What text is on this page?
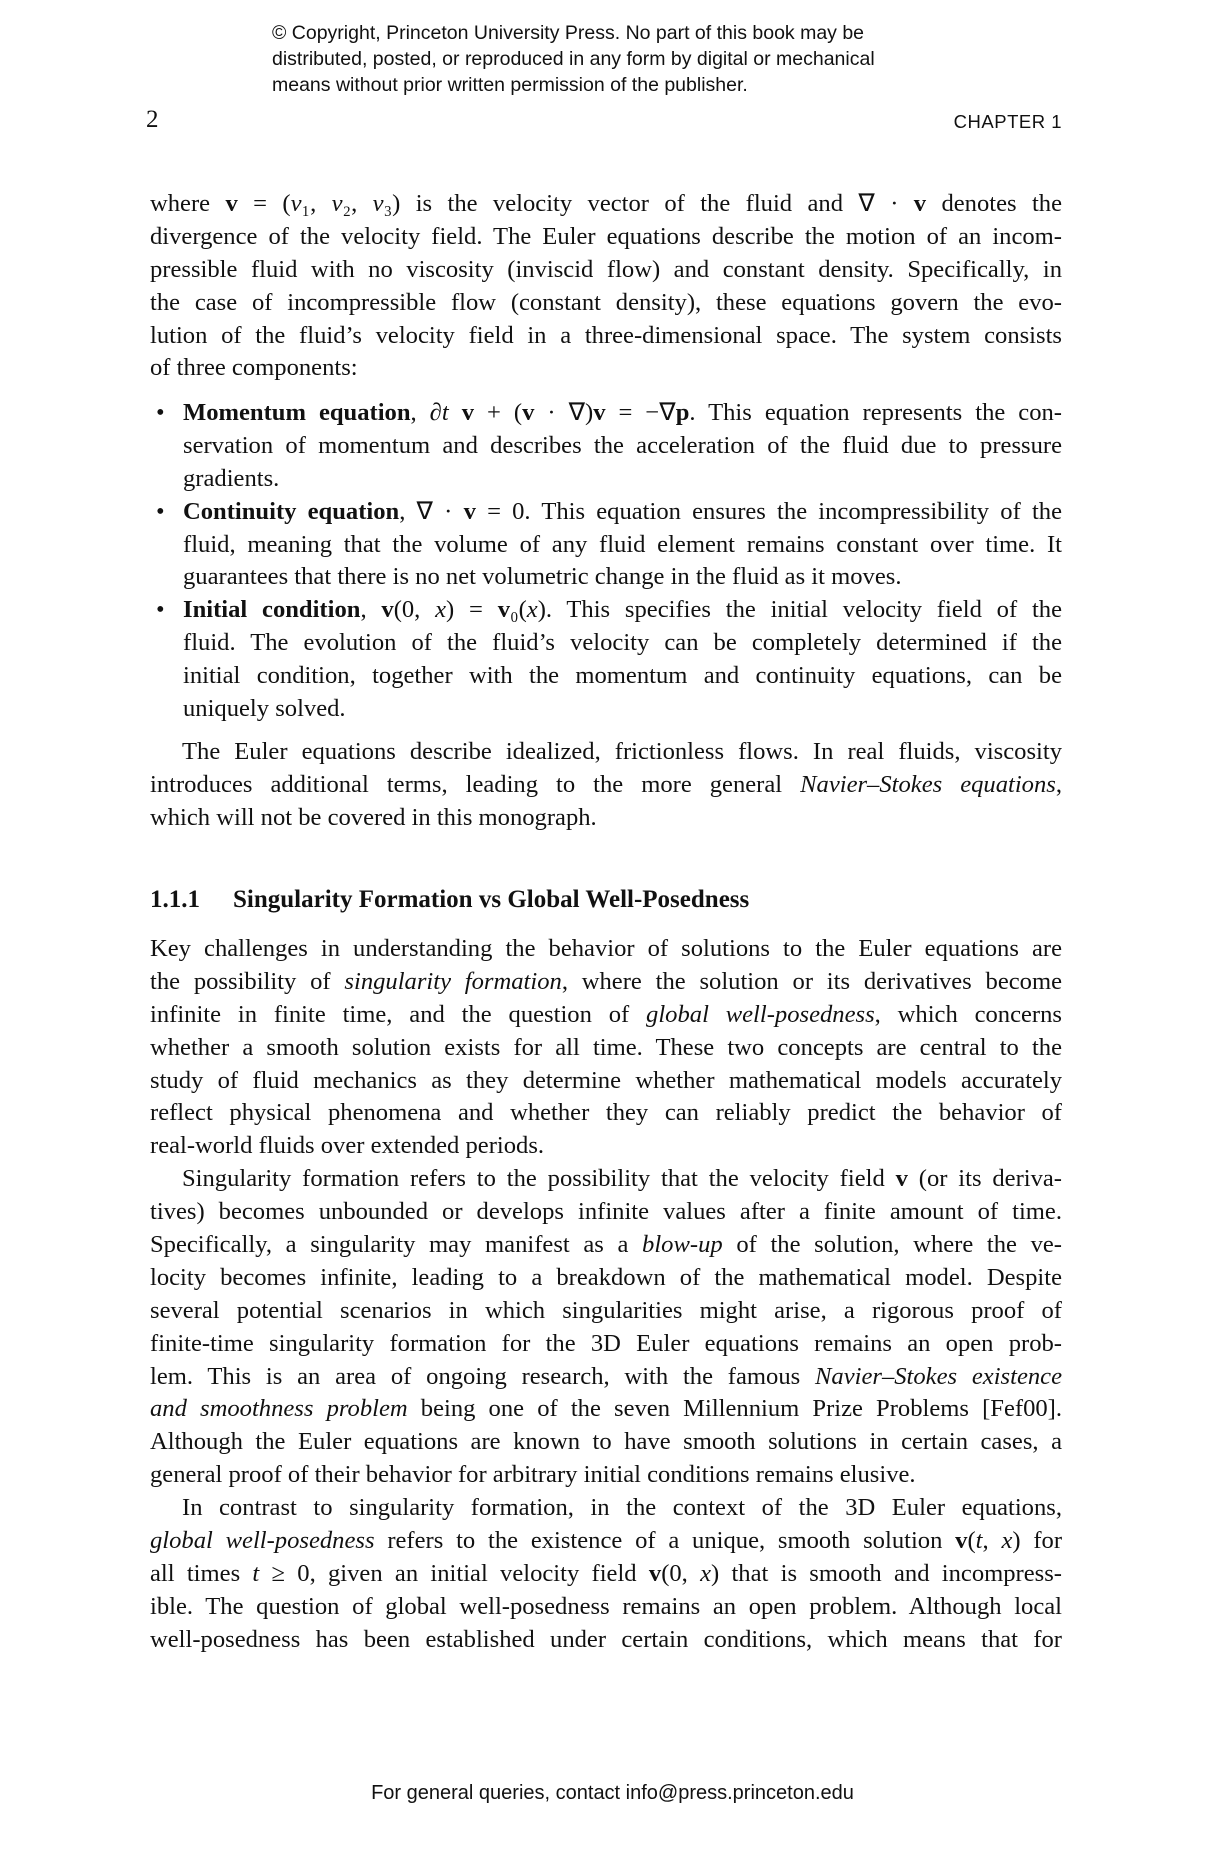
© Copyright, Princeton University Press. No part of this book may be
distributed, posted, or reproduced in any form by digital or mechanical
means without prior written permission of the publisher.
2	CHAPTER 1
where v = (v₁, v₂, v₃) is the velocity vector of the fluid and ∇ · v denotes the
divergence of the velocity field. The Euler equations describe the motion of an incom-
pressible fluid with no viscosity (inviscid flow) and constant density. Specifically, in
the case of incompressible flow (constant density), these equations govern the evo-
lution of the fluid’s velocity field in a three-dimensional space. The system consists
of three components:
• Momentum equation, ∂t v + (v · ∇)v = −∇p. This equation represents the con-
servation of momentum and describes the acceleration of the fluid due to pressure
gradients.
• Continuity equation, ∇ · v = 0. This equation ensures the incompressibility of the
fluid, meaning that the volume of any fluid element remains constant over time. It
guarantees that there is no net volumetric change in the fluid as it moves.
• Initial condition, v(0, x) = v₀(x). This specifies the initial velocity field of the
fluid. The evolution of the fluid’s velocity can be completely determined if the
initial condition, together with the momentum and continuity equations, can be
uniquely solved.
The Euler equations describe idealized, frictionless flows. In real fluids, viscosity
introduces additional terms, leading to the more general Navier–Stokes equations,
which will not be covered in this monograph.
1.1.1 Singularity Formation vs Global Well-Posedness
Key challenges in understanding the behavior of solutions to the Euler equations are
the possibility of singularity formation, where the solution or its derivatives become
infinite in finite time, and the question of global well-posedness, which concerns
whether a smooth solution exists for all time. These two concepts are central to the
study of fluid mechanics as they determine whether mathematical models accurately
reflect physical phenomena and whether they can reliably predict the behavior of
real-world fluids over extended periods.
Singularity formation refers to the possibility that the velocity field v (or its deriva-
tives) becomes unbounded or develops infinite values after a finite amount of time.
Specifically, a singularity may manifest as a blow-up of the solution, where the ve-
locity becomes infinite, leading to a breakdown of the mathematical model. Despite
several potential scenarios in which singularities might arise, a rigorous proof of
finite-time singularity formation for the 3D Euler equations remains an open prob-
lem. This is an area of ongoing research, with the famous Navier–Stokes existence
and smoothness problem being one of the seven Millennium Prize Problems [Fef00].
Although the Euler equations are known to have smooth solutions in certain cases, a
general proof of their behavior for arbitrary initial conditions remains elusive.
In contrast to singularity formation, in the context of the 3D Euler equations,
global well-posedness refers to the existence of a unique, smooth solution v(t, x) for
all times t ≥ 0, given an initial velocity field v(0, x) that is smooth and incompress-
ible. The question of global well-posedness remains an open problem. Although local
well-posedness has been established under certain conditions, which means that for
For general queries, contact info@press.princeton.edu
